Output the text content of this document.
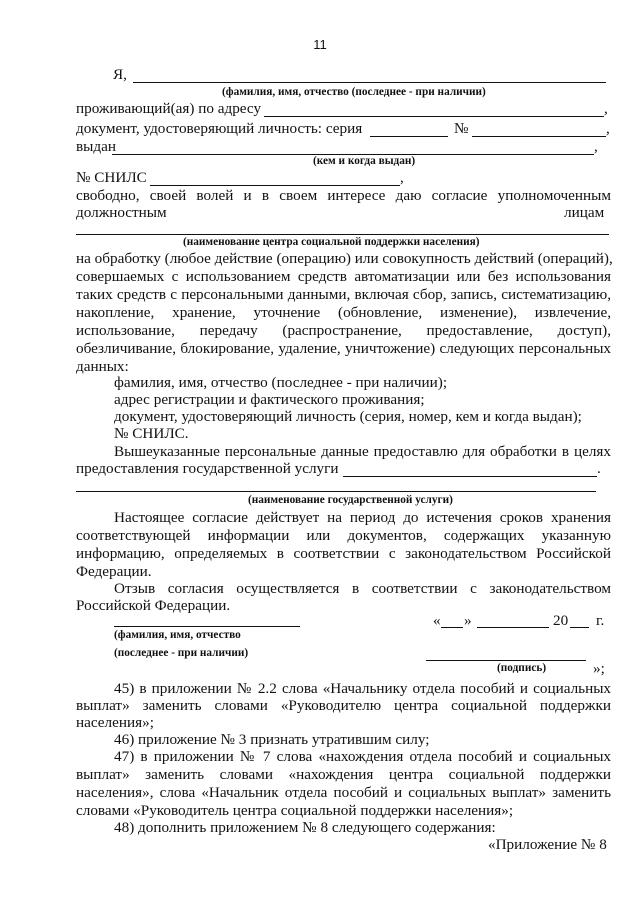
11
Я,
(фамилия, имя, отчество (последнее - при наличии)
проживающий(ая) по адресу	,
документ, удостоверяющий личность: серия	№	,
выдан	,
(кем и когда выдан)
№ СНИЛС	,
свободно, своей волей и в своем интересе даю согласие уполномоченным
должностным	лицам
(наименование центра социальной поддержки населения)
на обработку (любое действие (операцию) или совокупность действий (операций),
совершаемых с использованием средств автоматизации или без использования
таких средств с персональными данными, включая сбор, запись, систематизацию,
накопление, хранение, уточнение (обновление, изменение), извлечение,
использование, передачу (распространение, предоставление, доступ),
обезличивание, блокирование, удаление, уничтожение) следующих персональных
данных:
фамилия, имя, отчество (последнее - при наличии);
адрес регистрации и фактического проживания;
документ, удостоверяющий личность (серия, номер, кем и когда выдан);
№ СНИЛС.
Вышеуказанные персональные данные предоставлю для обработки в целях
предоставления государственной услуги	.
(наименование государственной услуги)
Настоящее согласие действует на период до истечения сроков хранения
соответствующей информации или документов, содержащих указанную
информацию, определяемых в соответствии с законодательством Российской
Федерации.
Отзыв согласия осуществляется в соответствии с законодательством
Российской Федерации.
« »	20 г.
(фамилия, имя, отчество
(последнее - при наличии)
(подпись)	»;
45) в приложении № 2.2 слова «Начальнику отдела пособий и социальных
выплат» заменить словами «Руководителю центра социальной поддержки
населения»;
46) приложение № 3 признать утратившим силу;
47) в приложении № 7 слова «нахождения отдела пособий и социальных
выплат» заменить словами «нахождения центра социальной поддержки
населения», слова «Начальник отдела пособий и социальных выплат» заменить
словами «Руководитель центра социальной поддержки населения»;
48) дополнить приложением № 8 следующего содержания:
«Приложение № 8
